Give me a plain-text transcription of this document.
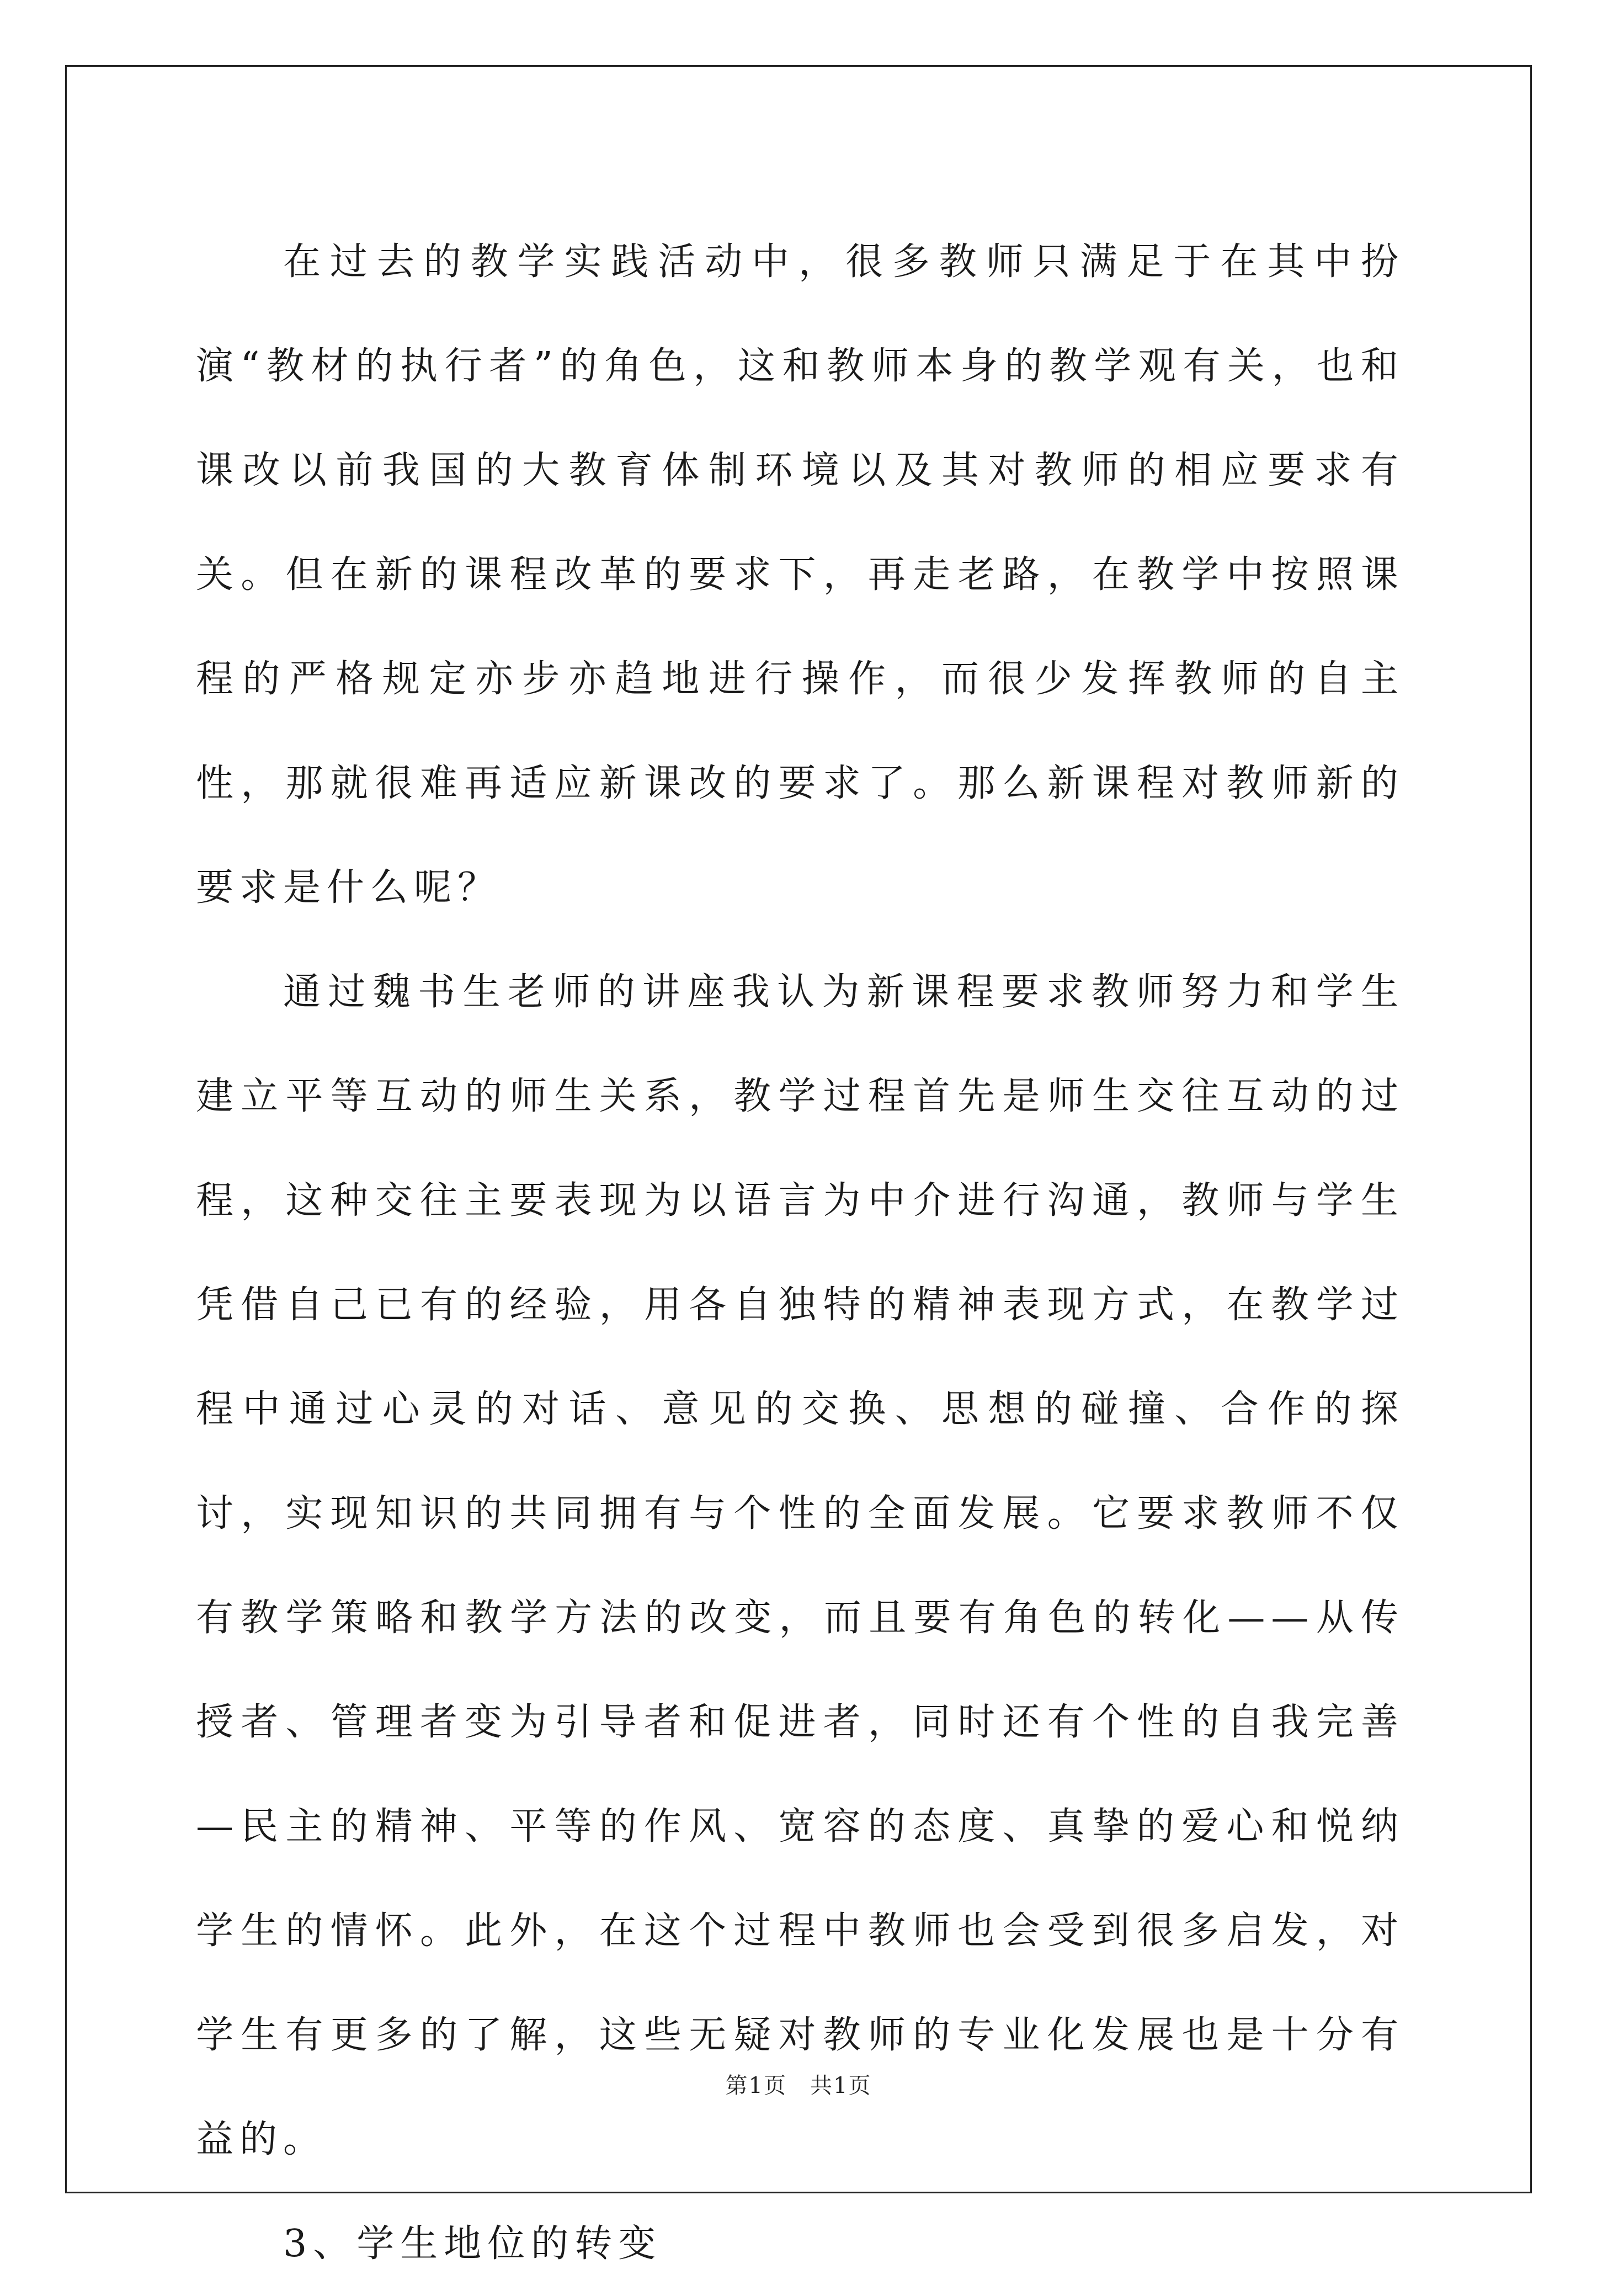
在过去的教学实践活动中，很多教师只满足于在其中扮演“教材的执行者”的角色，这和教师本身的教学观有关，也和课改以前我国的大教育体制环境以及其对教师的相应要求有关。但在新的课程改革的要求下，再走老路，在教学中按照课程的严格规定亦步亦趋地进行操作，而很少发挥教师的自主性，那就很难再适应新课改的要求了。那么新课程对教师新的要求是什么呢？

通过魏书生老师的讲座我认为新课程要求教师努力和学生建立平等互动的师生关系，教学过程首先是师生交往互动的过程，这种交往主要表现为以语言为中介进行沟通，教师与学生凭借自己已有的经验，用各自独特的精神表现方式，在教学过程中通过心灵的对话、意见的交换、思想的碰撞、合作的探讨，实现知识的共同拥有与个性的全面发展。它要求教师不仅有教学策略和教学方法的改变，而且要有角色的转化——从传授者、管理者变为引导者和促进者，同时还有个性的自我完善—民主的精神、平等的作风、宽容的态度、真挚的爱心和悦纳学生的情怀。此外，在这个过程中教师也会受到很多启发，对学生有更多的了解，这些无疑对教师的专业化发展也是十分有益的。

3、学生地位的转变

第1页　共1页
